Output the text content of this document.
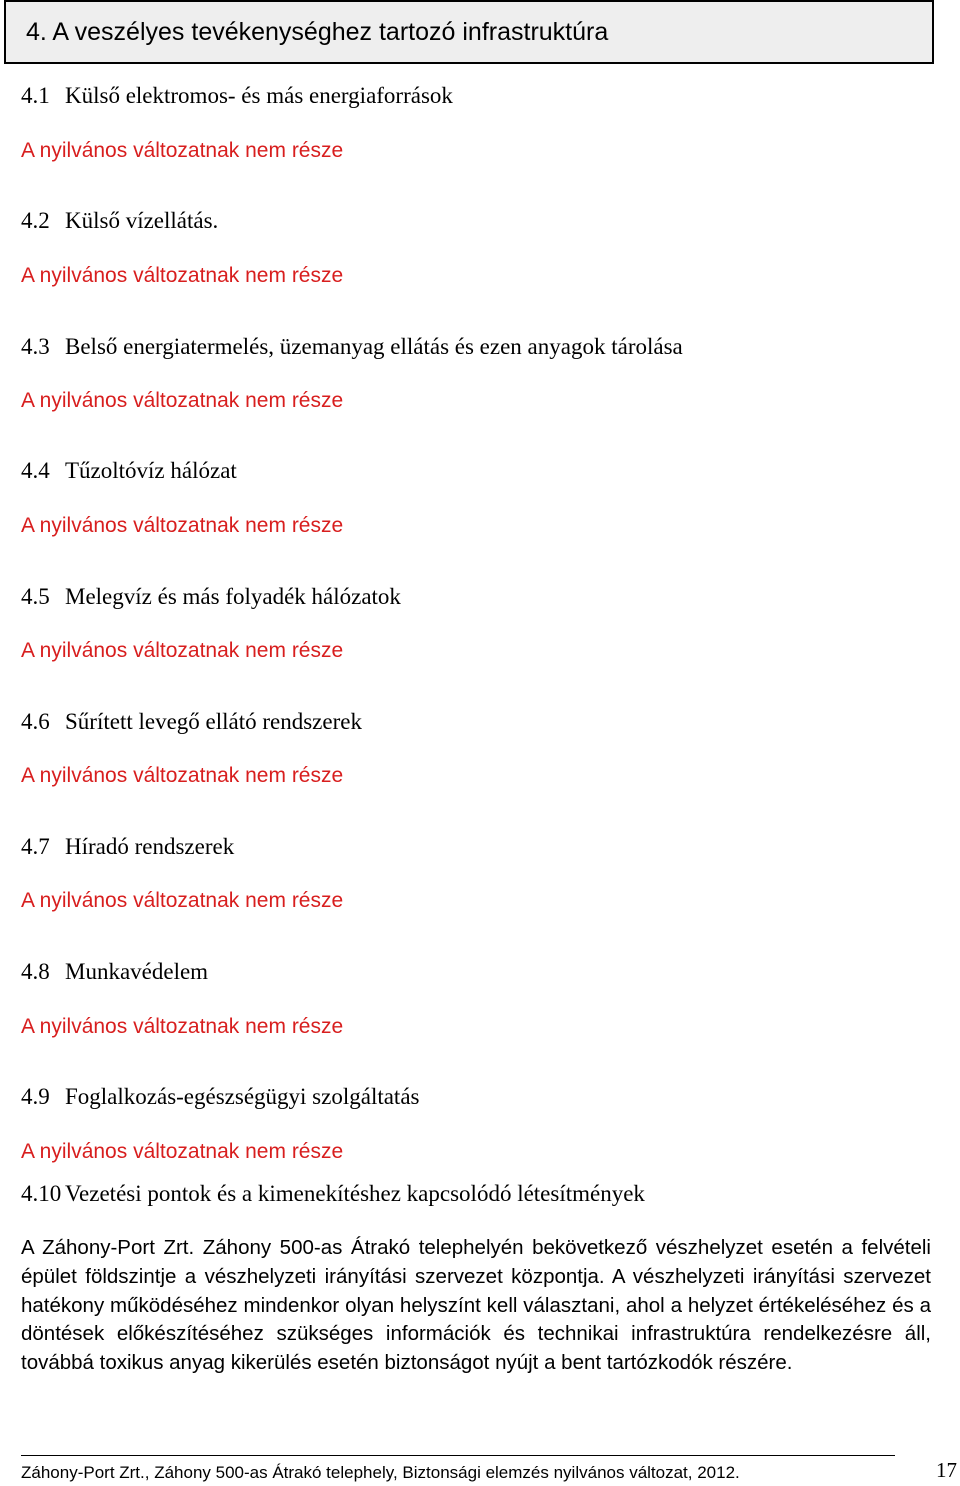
4. A veszélyes tevékenységhez tartozó infrastruktúra
4.1 Külső elektromos- és más energiaforrások
A nyilvános változatnak nem része
4.2 Külső vízellátás.
A nyilvános változatnak nem része
4.3 Belső energiatermelés, üzemanyag ellátás és ezen anyagok tárolása
A nyilvános változatnak nem része
4.4 Tűzoltóvíz hálózat
A nyilvános változatnak nem része
4.5 Melegvíz és más folyadék hálózatok
A nyilvános változatnak nem része
4.6 Sűrített levegő ellátó rendszerek
A nyilvános változatnak nem része
4.7 Híradó rendszerek
A nyilvános változatnak nem része
4.8 Munkavédelem
A nyilvános változatnak nem része
4.9 Foglalkozás-egészségügyi szolgáltatás
A nyilvános változatnak nem része
4.10 Vezetési pontok és a kimenekítéshez kapcsolódó létesítmények
A Záhony-Port Zrt. Záhony 500-as Átrakó telephelyén bekövetkező vészhelyzet esetén a felvételi épület földszintje a vészhelyzeti irányítási szervezet központja. A vészhelyzeti irányítási szervezet hatékony működéséhez mindenkor olyan helyszínt kell választani, ahol a helyzet értékeléséhez és a döntések előkészítéséhez szükséges információk és technikai infrastruktúra rendelkezésre áll, továbbá toxikus anyag kikerülés esetén biztonságot nyújt a bent tartózkodók részére.
Záhony-Port Zrt., Záhony 500-as Átrakó telephely, Biztonsági elemzés nyilvános változat, 2012.	17
